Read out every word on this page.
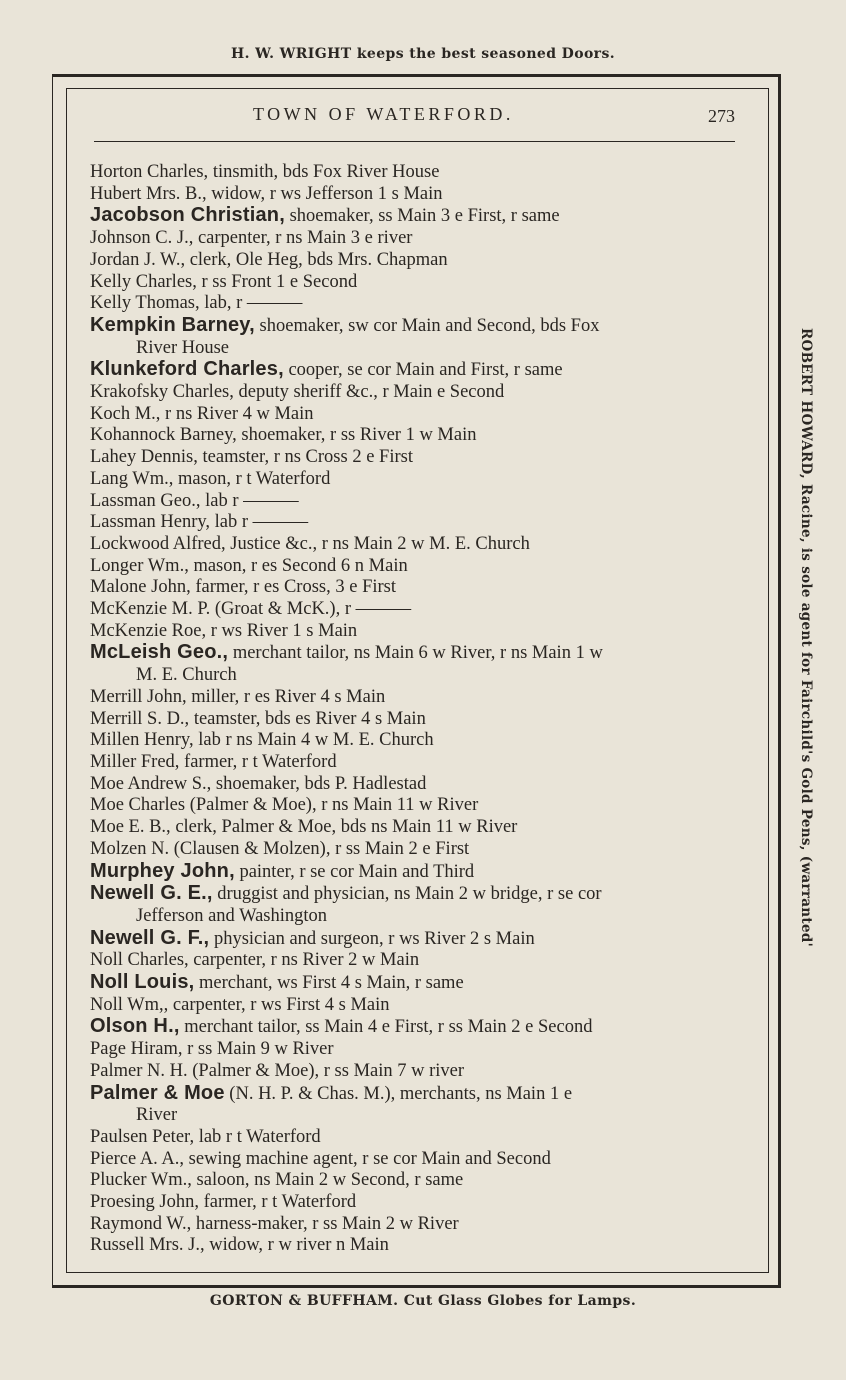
H. W. WRIGHT keeps the best seasoned Doors.
TOWN OF WATERFORD.	273
Horton Charles, tinsmith, bds Fox River House
Hubert Mrs. B., widow, r ws Jefferson 1 s Main
Jacobson Christian, shoemaker, ss Main 3 e First, r same
Johnson C. J., carpenter, r ns Main 3 e river
Jordan J. W., clerk, Ole Heg, bds Mrs. Chapman
Kelly Charles, r ss Front 1 e Second
Kelly Thomas, lab, r ———
Kempkin Barney, shoemaker, sw cor Main and Second, bds Fox
River House
Klunkeford Charles, cooper, se cor Main and First, r same
Krakofsky Charles, deputy sheriff &c., r Main e Second
Koch M., r ns River 4 w Main
Kohannock Barney, shoemaker, r ss River 1 w Main
Lahey Dennis, teamster, r ns Cross 2 e First
Lang Wm., mason, r t Waterford
Lassman Geo., lab r ———
Lassman Henry, lab r ———
Lockwood Alfred, Justice &c., r ns Main 2 w M. E. Church
Longer Wm., mason, r es Second 6 n Main
Malone John, farmer, r es Cross, 3 e First
McKenzie M. P. (Groat & McK.), r ———
McKenzie Roe, r ws River 1 s Main
McLeish Geo., merchant tailor, ns Main 6 w River, r ns Main 1 w
M. E. Church
Merrill John, miller, r es River 4 s Main
Merrill S. D., teamster, bds es River 4 s Main
Millen Henry, lab r ns Main 4 w M. E. Church
Miller Fred, farmer, r t Waterford
Moe Andrew S., shoemaker, bds P. Hadlestad
Moe Charles (Palmer & Moe), r ns Main 11 w River
Moe E. B., clerk, Palmer & Moe, bds ns Main 11 w River
Molzen N. (Clausen & Molzen), r ss Main 2 e First
Murphey John, painter, r se cor Main and Third
Newell G. E., druggist and physician, ns Main 2 w bridge, r se cor
Jefferson and Washington
Newell G. F., physician and surgeon, r ws River 2 s Main
Noll Charles, carpenter, r ns River 2 w Main
Noll Louis, merchant, ws First 4 s Main, r same
Noll Wm,, carpenter, r ws First 4 s Main
Olson H., merchant tailor, ss Main 4 e First, r ss Main 2 e Second
Page Hiram, r ss Main 9 w River
Palmer N. H. (Palmer & Moe), r ss Main 7 w river
Palmer & Moe (N. H. P. & Chas. M.), merchants, ns Main 1 e
River
Paulsen Peter, lab r t Waterford
Pierce A. A., sewing machine agent, r se cor Main and Second
Plucker Wm., saloon, ns Main 2 w Second, r same
Proesing John, farmer, r t Waterford
Raymond W., harness-maker, r ss Main 2 w River
Russell Mrs. J., widow, r w river n Main
ROBERT HOWARD, Racine, is sole agent for Fairchild's Gold Pens, (warranted'
GORTON & BUFFHAM. Cut Glass Globes for Lamps.
